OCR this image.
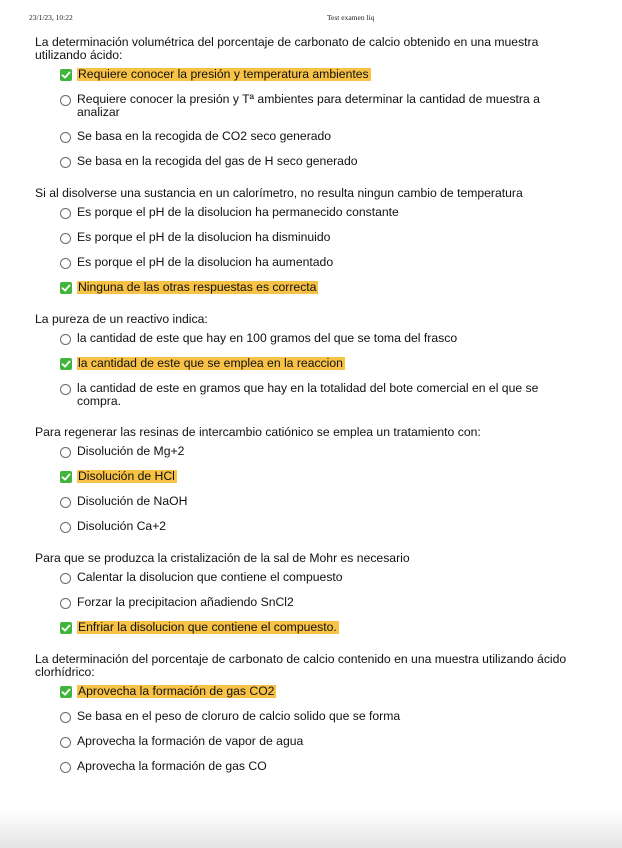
23/1/23, 10:22	Test examen liq

La determinación volumétrica del porcentaje de carbonato de calcio obtenido en una muestra utilizando ácido:

Requiere conocer la presión y temperatura ambientes
Requiere conocer la presión y Tª ambientes para determinar la cantidad de muestra a analizar
Se basa en la recogida de CO2 seco generado
Se basa en la recogida del gas de H seco generado

Si al disolverse una sustancia en un calorímetro, no resulta ningun cambio de temperatura

Es porque el pH de la disolucion ha permanecido constante
Es porque el pH de la disolucion ha disminuido
Es porque el pH de la disolucion ha aumentado
Ninguna de las otras respuestas es correcta

La pureza de un reactivo indica:

la cantidad de este que hay en 100 gramos del que se toma del frasco
la cantidad de este que se emplea en la reaccion
la cantidad de este en gramos que hay en la totalidad del bote comercial en el que se compra.

Para regenerar las resinas de intercambio catiónico se emplea un tratamiento con:

Disolución de Mg+2
Disolución de HCl
Disolución de NaOH
Disolución Ca+2

Para que se produzca la cristalización de la sal de Mohr es necesario

Calentar la disolucion que contiene el compuesto
Forzar la precipitacion añadiendo SnCl2
Enfriar la disolucion que contiene el compuesto.

La determinación del porcentaje de carbonato de calcio contenido en una muestra utilizando ácido clorhídrico:

Aprovecha la formación de gas CO2
Se basa en el peso de cloruro de calcio solido que se forma
Aprovecha la formación de vapor de agua
Aprovecha la formación de gas CO
